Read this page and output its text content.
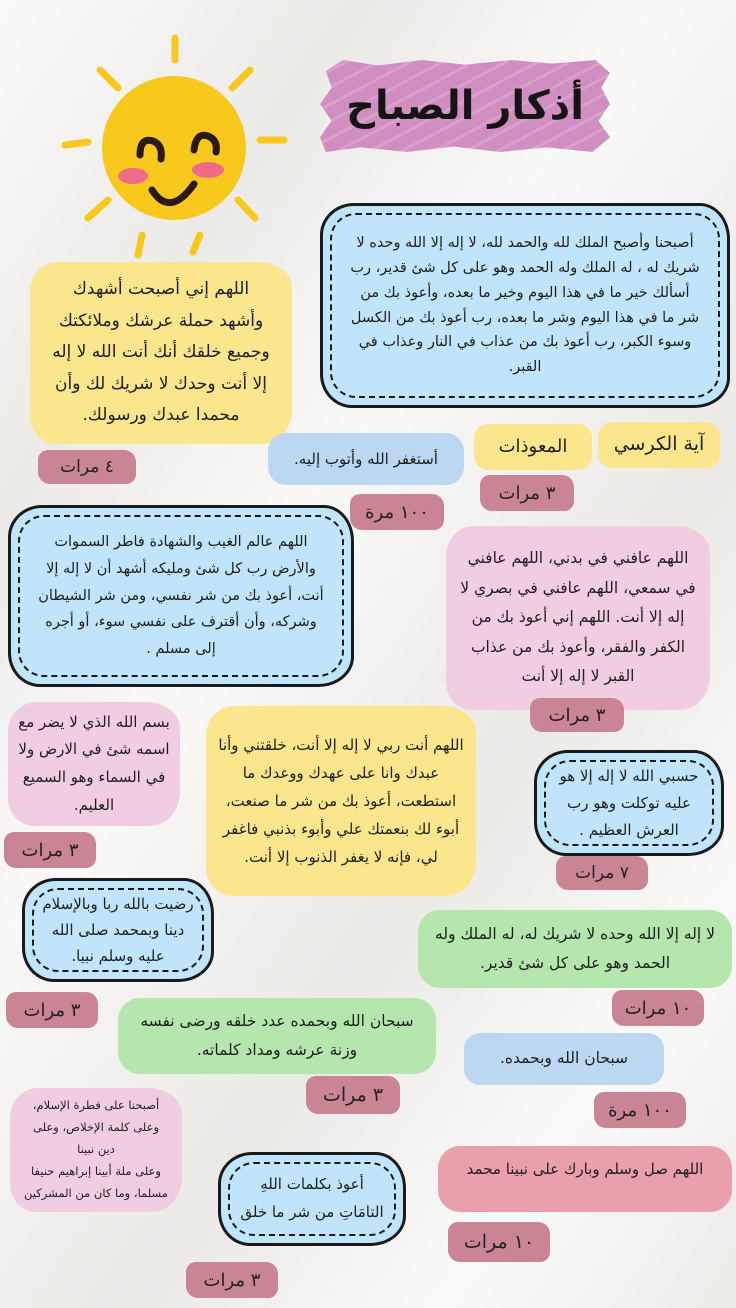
أذكار الصباح
أصبحنا وأصبح الملك لله والحمد لله، لا إله إلا الله وحده لا شريك له ، له الملك وله الحمد وهو على كل شئ قدير، رب أسألك خير ما في هذا اليوم وخير ما بعده، وأعوذ بك من شر ما في هذا اليوم وشر ما بعده، رب أعوذ بك من الكسل وسوء الكبر، رب أعوذ بك من عذاب في النار وعذاب في القبر.
اللهم إني أصبحت أشهدك وأشهد حملة عرشك وملائكتك وجميع خلقك أنك أنت الله لا إله إلا أنت وحدك لا شريك لك وأن محمدا عبدك ورسولك.
٤ مرات
آية الكرسي
المعوذات
٣ مرات
أستغفر الله وأتوب إليه.
١٠٠ مرة
اللهم عالم الغيب والشهادة فاطر السموات والأرض رب كل شئ ومليكه أشهد أن لا إله إلا أنت، أعوذ بك من شر نفسي، ومن شر الشيطان وشركه، وأن أقترف على نفسي سوء، أو أجره إلى مسلم .
اللهم عافني في بدني، اللهم عافني في سمعي، اللهم عافني في بصري لا إله إلا أنت. اللهم إني أعوذ بك من الكفر والفقر، وأعوذ بك من عذاب القبر لا إله إلا أنت
٣ مرات
بسم الله الذي لا يضر مع اسمه شئ في الارض ولا في السماء وهو السميع العليم.
٣ مرات
اللهم أنت ربي لا إله إلا أنت، خلقتني وأنا عبدك وانا على عهدك ووعدك ما استطعت، أعوذ بك من شر ما صنعت، أبوء لك بنعمتك علي وأبوء بذنبي فاغفر لي، فإنه لا يغفر الذنوب إلا أنت.
حسبي الله لا إله إلا هو عليه توكلت وهو رب العرش العظيم .
٧ مرات
رضيت بالله ربا وبالإسلام دينا وبمحمد صلى الله عليه وسلم نبيا.
٣ مرات
لا إله إلا الله وحده لا شريك له، له الملك وله الحمد وهو على كل شئ قدير.
١٠ مرات
سبحان الله وبحمده عدد خلقه ورضى نفسه وزنة عرشه ومداد كلماته.
٣ مرات
سبحان الله وبحمده.
١٠٠ مرة
أصبحنا على فطرة الإسلام،
وعلى كلمة الإخلاص، وعلى
دين نبينا
وعلى ملة أبينا إبراهيم حنيفا
مسلما، وما كان من المشركين	أعوذ بكلمات اللهِ التامَاتِ من شر ما خلق
٣ مرات
اللهم صل وسلم وبارك على نبينا محمد
١٠ مرات
